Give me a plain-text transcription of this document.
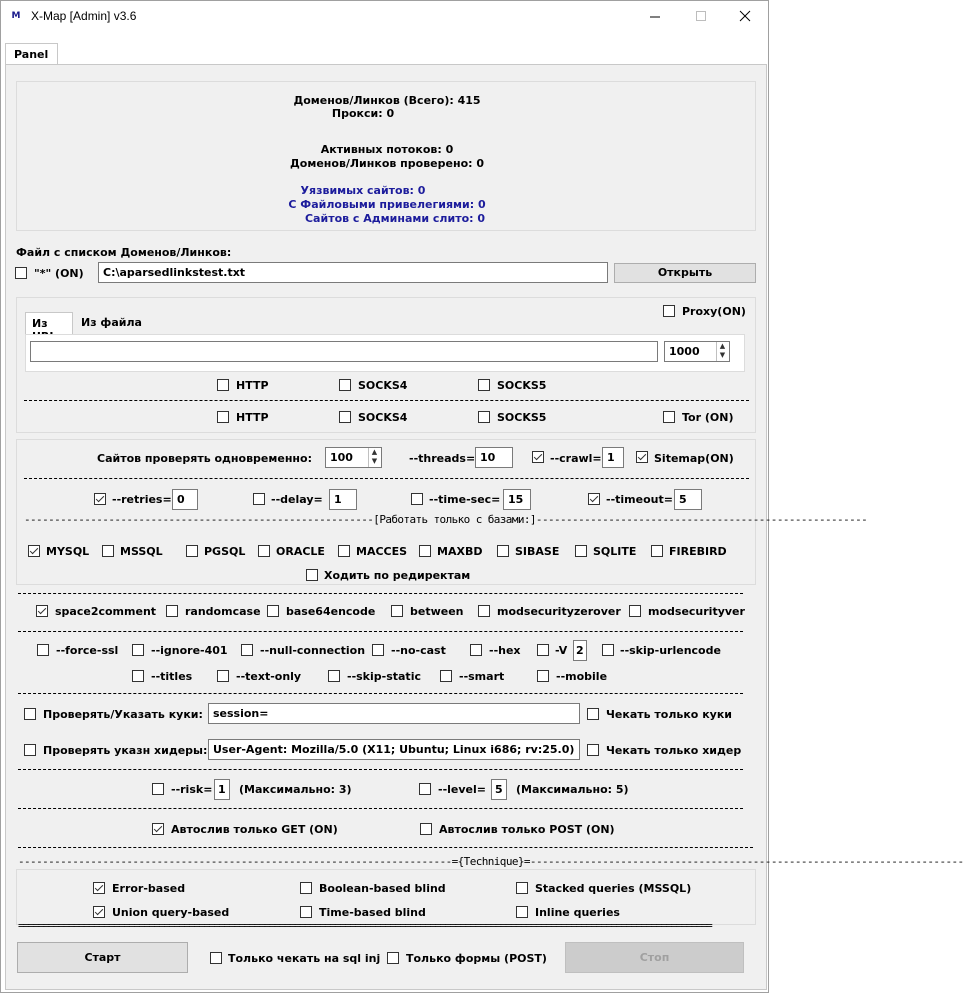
M X-Map [Admin] v3.6
Panel
Доменов/Линков (Всего): 415
Прокси: 0
Активных потоков: 0
Доменов/Линков проверено: 0
Уязвимых сайтов: 0
С Файловыми привелегиями: 0
Сайтов с Админами слито: 0
Файл с списком Доменов/Линков:
"*" (ON)	C:\aparsedlinkstest.txt	Открыть
Из	Из файла
Proxy(ON)
1000	▲
▼
HTTP	SOCKS4	SOCKS5
HTTP	SOCKS4	SOCKS5	Tor (ON)
Сайтов проверять одновременно:	100	▲
▼	--threads= 10	--crawl= 1	Sitemap(ON)
--retries= 0	--delay=	1	--time-sec= 15	--timeout= 5
----------------------------------------------------------[Работать только с базами:]-------------------------------------------------------
MYSQL	MSSQL	PGSQL	ORACLE	MACCES	MAXBD	SIBASE	SQLITE	FIREBIRD
Ходить по редиректам
space2comment	randomcase base64encode	between	modsecurityzerover modsecurityver
--force-ssl	--ignore-401	--null-connection --no-cast	--hex	-V 2	--skip-urlencode
--titles	--text-only	--skip-static	--smart	--mobile
Проверять/Указать куки: session=	Чекать только куки
Проверять указн хидеры: User-Agent: Mozilla/5.0 (X11; Ubuntu; Linux i686; rv:25.0)	Чекать только хидер
--risk= 1	(Максимально: 3)	--level= 5	(Максимально: 5)
Автослив только GET (ON)	Автослив только POST (ON)
------------------------------------------------------------------------={Technique}=------------------------------------------------------------------------
Error-based	Boolean-based blind	Stacked queries (MSSQL)
Union query-based	Time-based blind	Inline queries
==========================================================================================================================================
Старт	Только чекать на sql inj Только формы (POST)	Стоп
